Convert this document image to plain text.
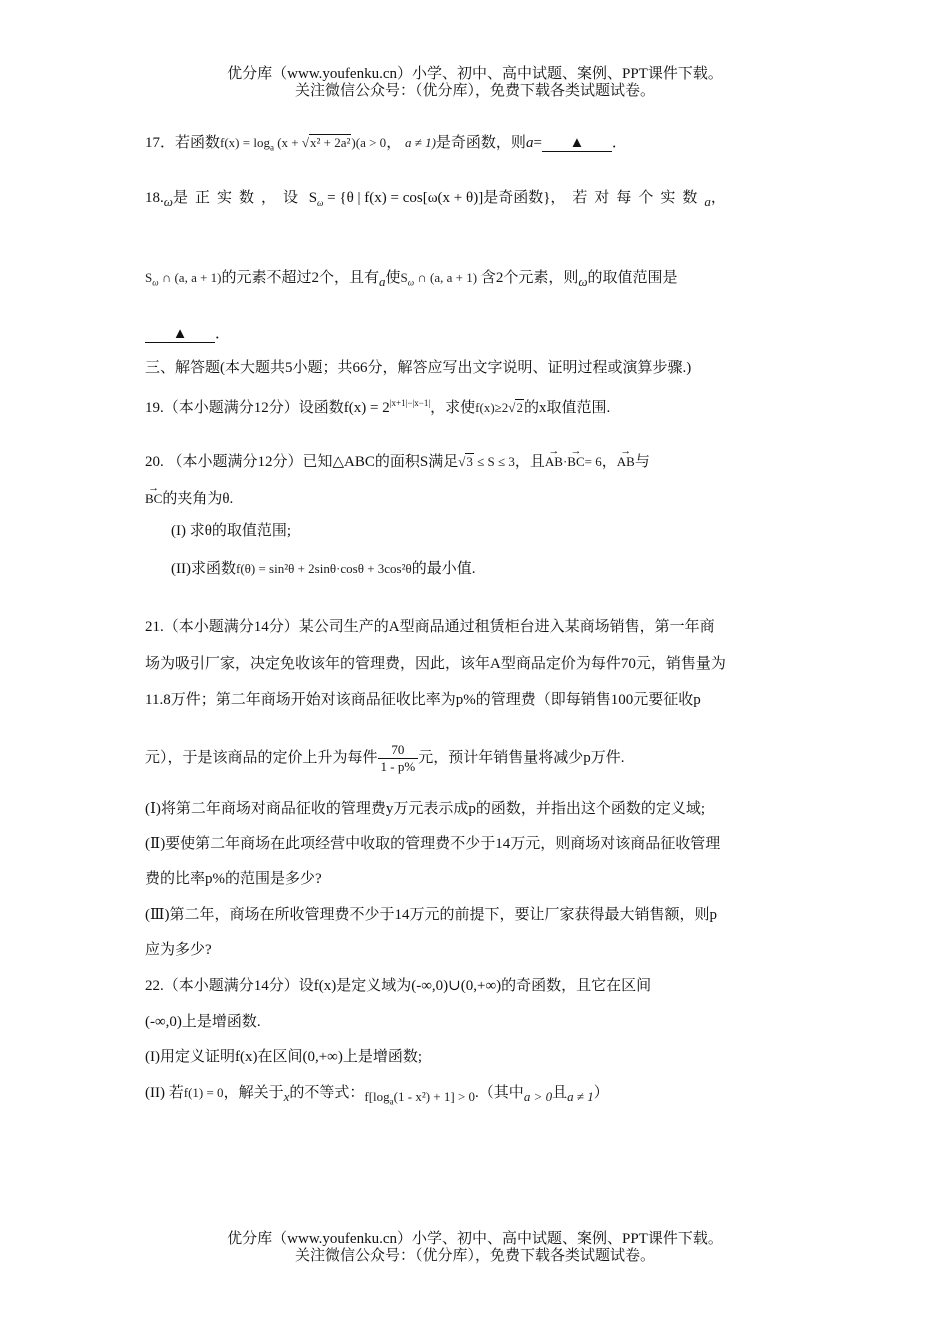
优分库（www.youfenku.cn）小学、初中、高中试题、案例、PPT课件下载。
关注微信公众号：（优分库），免费下载各类试题试卷。
17．若函数$f(x) = \log_a (x + √x^2 + 2a^2)(a > 0$， a ≠ 1)是奇函数，则a= ▲ ．
18.ω是正实数，设 $S_\omega = \{\theta$ | f(x) = cos[ω(x + θ)]是奇函数}，若对每个实数a，
$S_\omega$ ∩ (a, a + 1)的元素不超过2个，且有a使$S_\omega$ ∩ (a, a + 1) 含2个元素，则ω的取值范围是
▲ ．
三、解答题(本大题共5小题；共66分，解答应写出文字说明、证明过程或演算步骤.)
19.（本小题满分12分）设函数$f(x) = 2^{|x+1|-|x-1|}$，求使f(x)≥2√2的x取值范围.
20. （本小题满分12分）已知△ABC的面积S满足√3 ≤ S ≤ 3，且→ AB·→ BC= 6，→ AB与
→ BC的夹角为θ.
(I) 求θ的取值范围;
(II)求函数f(θ) = sin²θ + 2sinθ·cosθ + 3cos²θ的最小值.
21.（本小题满分14分）某公司生产的A型商品通过租赁柜台进入某商场销售，第一年商
场为吸引厂家，决定免收该年的管理费，因此，该年A型商品定价为每件70元，销售量为
11.8万件；第二年商场开始对该商品征收比率为p%的管理费（即每销售100元要征收p
元），于是该商品的定价上升为每件 $\frac{70}{1 - p\%}$ 元，预计年销售量将减少p万件.
(Ⅰ)将第二年商场对商品征收的管理费y万元表示成p的函数，并指出这个函数的定义域;
(Ⅱ)要使第二年商场在此项经营中收取的管理费不少于14万元，则商场对该商品征收管理
费的比率p%的范围是多少?
(Ⅲ)第二年，商场在所收管理费不少于14万元的前提下，要让厂家获得最大销售额，则p
应为多少?
22.（本小题满分14分）设f(x)是定义域为(-∞,0)∪(0,+∞)的奇函数，且它在区间
(-∞,0)上是增函数.
(I)用定义证明f(x)在区间(0,+∞)上是增函数;
(II) 若f(1) = 0，解关于x的不等式：$f[\log_a(1 - x^2) + 1] > 0$.（其中a > 0且a ≠ 1）
优分库（www.youfenku.cn）小学、初中、高中试题、案例、PPT课件下载。
关注微信公众号：（优分库），免费下载各类试题试卷。
